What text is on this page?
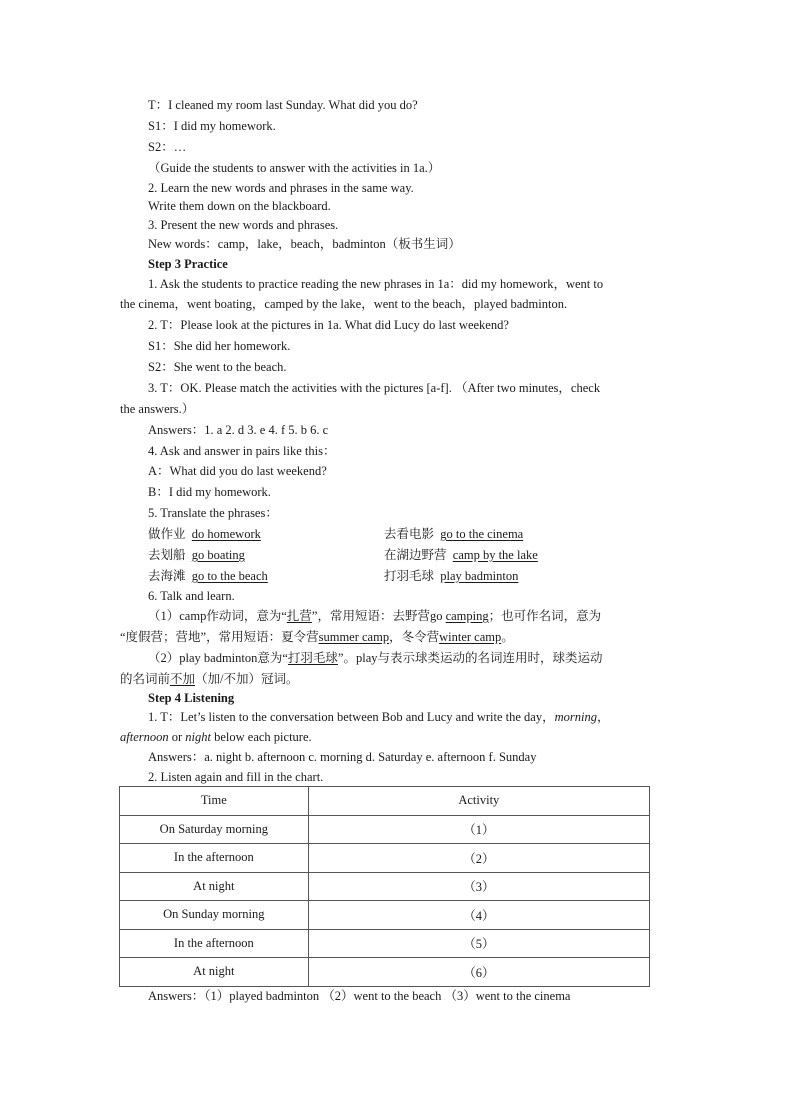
T：I cleaned my room last Sunday. What did you do?
S1：I did my homework.
S2：…
（Guide the students to answer with the activities in 1a.）
2. Learn the new words and phrases in the same way.
Write them down on the blackboard.
3. Present the new words and phrases.
New words：camp，lake，beach，badminton（板书生词）
Step 3 Practice
1. Ask the students to practice reading the new phrases in 1a：did my homework，went to
the cinema，went boating，camped by the lake，went to the beach，played badminton.
2. T：Please look at the pictures in 1a. What did Lucy do last weekend?
S1：She did her homework.
S2：She went to the beach.
3. T：OK. Please match the activities with the pictures [a-f]. （After two minutes，check
the answers.）
Answers：1. a 2. d 3. e 4. f 5. b 6. c
4. Ask and answer in pairs like this：
A：What did you do last weekend?
B：I did my homework.
5. Translate the phrases：
做作业 do homework	去看电影 go to the cinema
去划船 go boating	在湖边野营 camp by the lake
去海滩 go to the beach	打羽毛球 play badminton
6. Talk and learn.
（1）camp作动词，意为“扎营”，常用短语：去野营go camping；也可作名词，意为
“度假营；营地”，常用短语：夏令营summer camp，冬令营winter camp。
（2）play badminton意为“打羽毛球”。play与表示球类运动的名词连用时，球类运动
的名词前不加（加/不加）冠词。
Step 4 Listening
1. T：Let’s listen to the conversation between Bob and Lucy and write the day，morning，
afternoon or night below each picture.
Answers：a. night b. afternoon c. morning d. Saturday e. afternoon f. Sunday
2. Listen again and fill in the chart.
Time	Activity
On Saturday morning	（1）
In the afternoon	（2）
At night	（3）
On Sunday morning	（4）
In the afternoon	（5）
At night	（6）
Answers：（1）played badminton （2）went to the beach （3）went to the cinema
